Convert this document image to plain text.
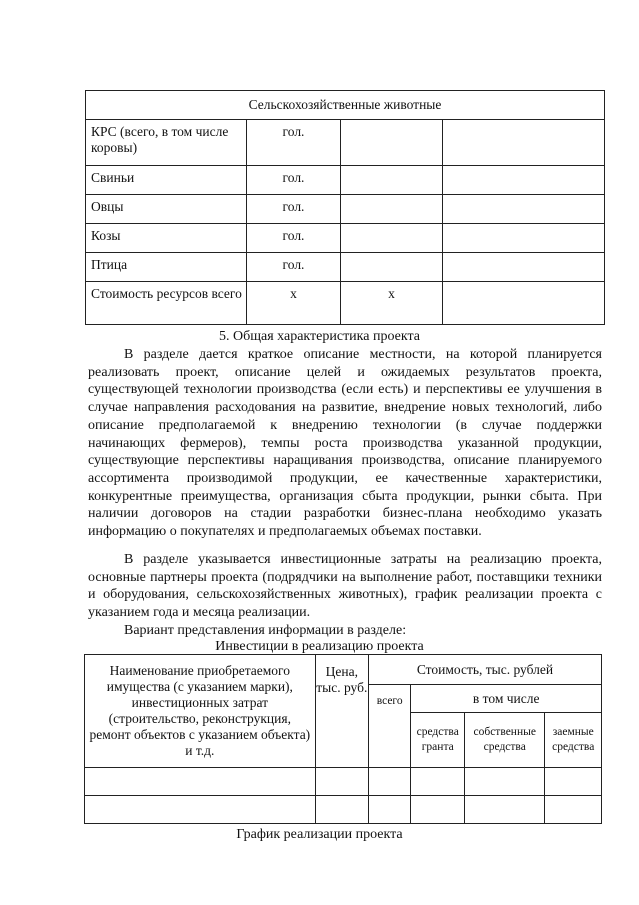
Сельскохозяйственные животные			
КРС (всего, в том числе коровы)	гол.		
Свиньи	гол.		
Овцы	гол.		
Козы	гол.		
Птица	гол.		
Стоимость ресурсов всего	х	х	
5. Общая характеристика проекта

В разделе дается краткое описание местности, на которой планируется реализовать проект, описание целей и ожидаемых результатов проекта, существующей технологии производства (если есть) и перспективы ее улучшения в случае направления расходования на развитие, внедрение новых технологий, либо описание предполагаемой к внедрению технологии (в случае поддержки начинающих фермеров), темпы роста производства указанной продукции, существующие перспективы наращивания производства, описание планируемого ассортимента производимой продукции, ее качественные характеристики, конкурентные преимущества, организация сбыта продукции, рынки сбыта. При наличии договоров на стадии разработки бизнес-плана необходимо указать информацию о покупателях и предполагаемых объемах поставки.

В разделе указывается инвестиционные затраты на реализацию проекта, основные партнеры проекта (подрядчики на выполнение работ, поставщики техники и оборудования, сельскохозяйственных животных), график реализации проекта с указанием года и месяца реализации.

Вариант представления информации в разделе:

Инвестиции в реализацию проекта
Наименование приобретаемого имущества (с указанием марки), инвестиционных затрат (строительство, реконструкция, ремонт объектов с указанием объекта) и т.д.	Цена, тыс. руб.	Стоимость, тыс. рублей			
		всего	в том числе		
			средства гранта	собственные средства	заемные средства

График реализации проекта
